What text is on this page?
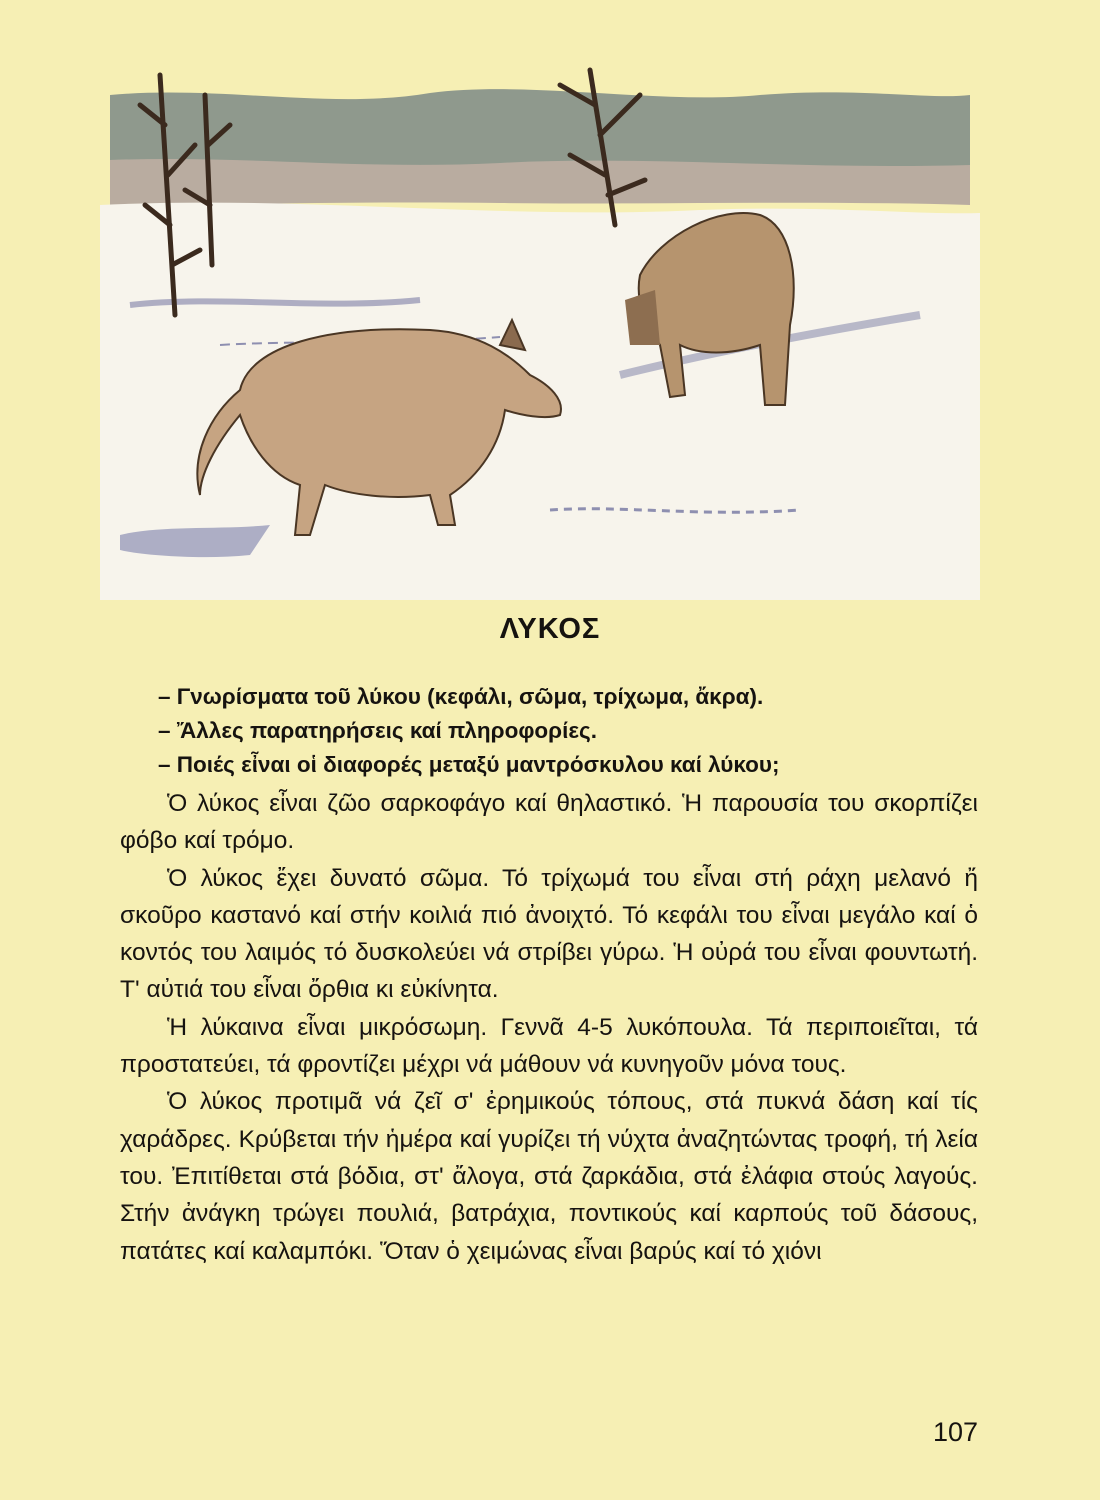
ΛΥΚΟΣ
– Γνωρίσματα τοῦ λύκου (κεφάλι, σῶμα, τρίχωμα, ἄκρα).
– Ἄλλες παρατηρήσεις καί πληροφορίες.
– Ποιές εἶναι οἱ διαφορές μεταξύ μαντρόσκυλου καί λύκου;

Ὁ λύκος εἶναι ζῶο σαρκοφάγο καί θηλαστικό. Ἡ παρουσία του σκορπίζει φόβο καί τρόμο.

Ὁ λύκος ἔχει δυνατό σῶμα. Τό τρίχωμά του εἶναι στή ράχη μελανό ἤ σκοῦρο καστανό καί στήν κοιλιά πιό ἀνοιχτό. Τό κεφάλι του εἶναι μεγάλο καί ὁ κοντός του λαιμός τό δυσκολεύει νά στρίβει γύρω. Ἡ οὐρά του εἶναι φουντωτή. Τ' αὐτιά του εἶναι ὄρθια κι εὐκίνητα.

Ἡ λύκαινα εἶναι μικρόσωμη. Γεννᾶ 4-5 λυκόπουλα. Τά περιποιεῖται, τά προστατεύει, τά φροντίζει μέχρι νά μάθουν νά κυνηγοῦν μόνα τους.

Ὁ λύκος προτιμᾶ νά ζεῖ σ' ἐρημικούς τόπους, στά πυκνά δάση καί τίς χαράδρες. Κρύβεται τήν ἡμέρα καί γυρίζει τή νύχτα ἀναζητώντας τροφή, τή λεία του. Ἐπιτίθεται στά βόδια, στ' ἄλογα, στά ζαρκάδια, στά ἐλάφια στούς λαγούς. Στήν ἀνάγκη τρώγει πουλιά, βατράχια, ποντικούς καί καρπούς τοῦ δάσους, πατάτες καί καλαμπόκι. Ὅταν ὁ χειμώνας εἶναι βαρύς καί τό χιόνι

107
